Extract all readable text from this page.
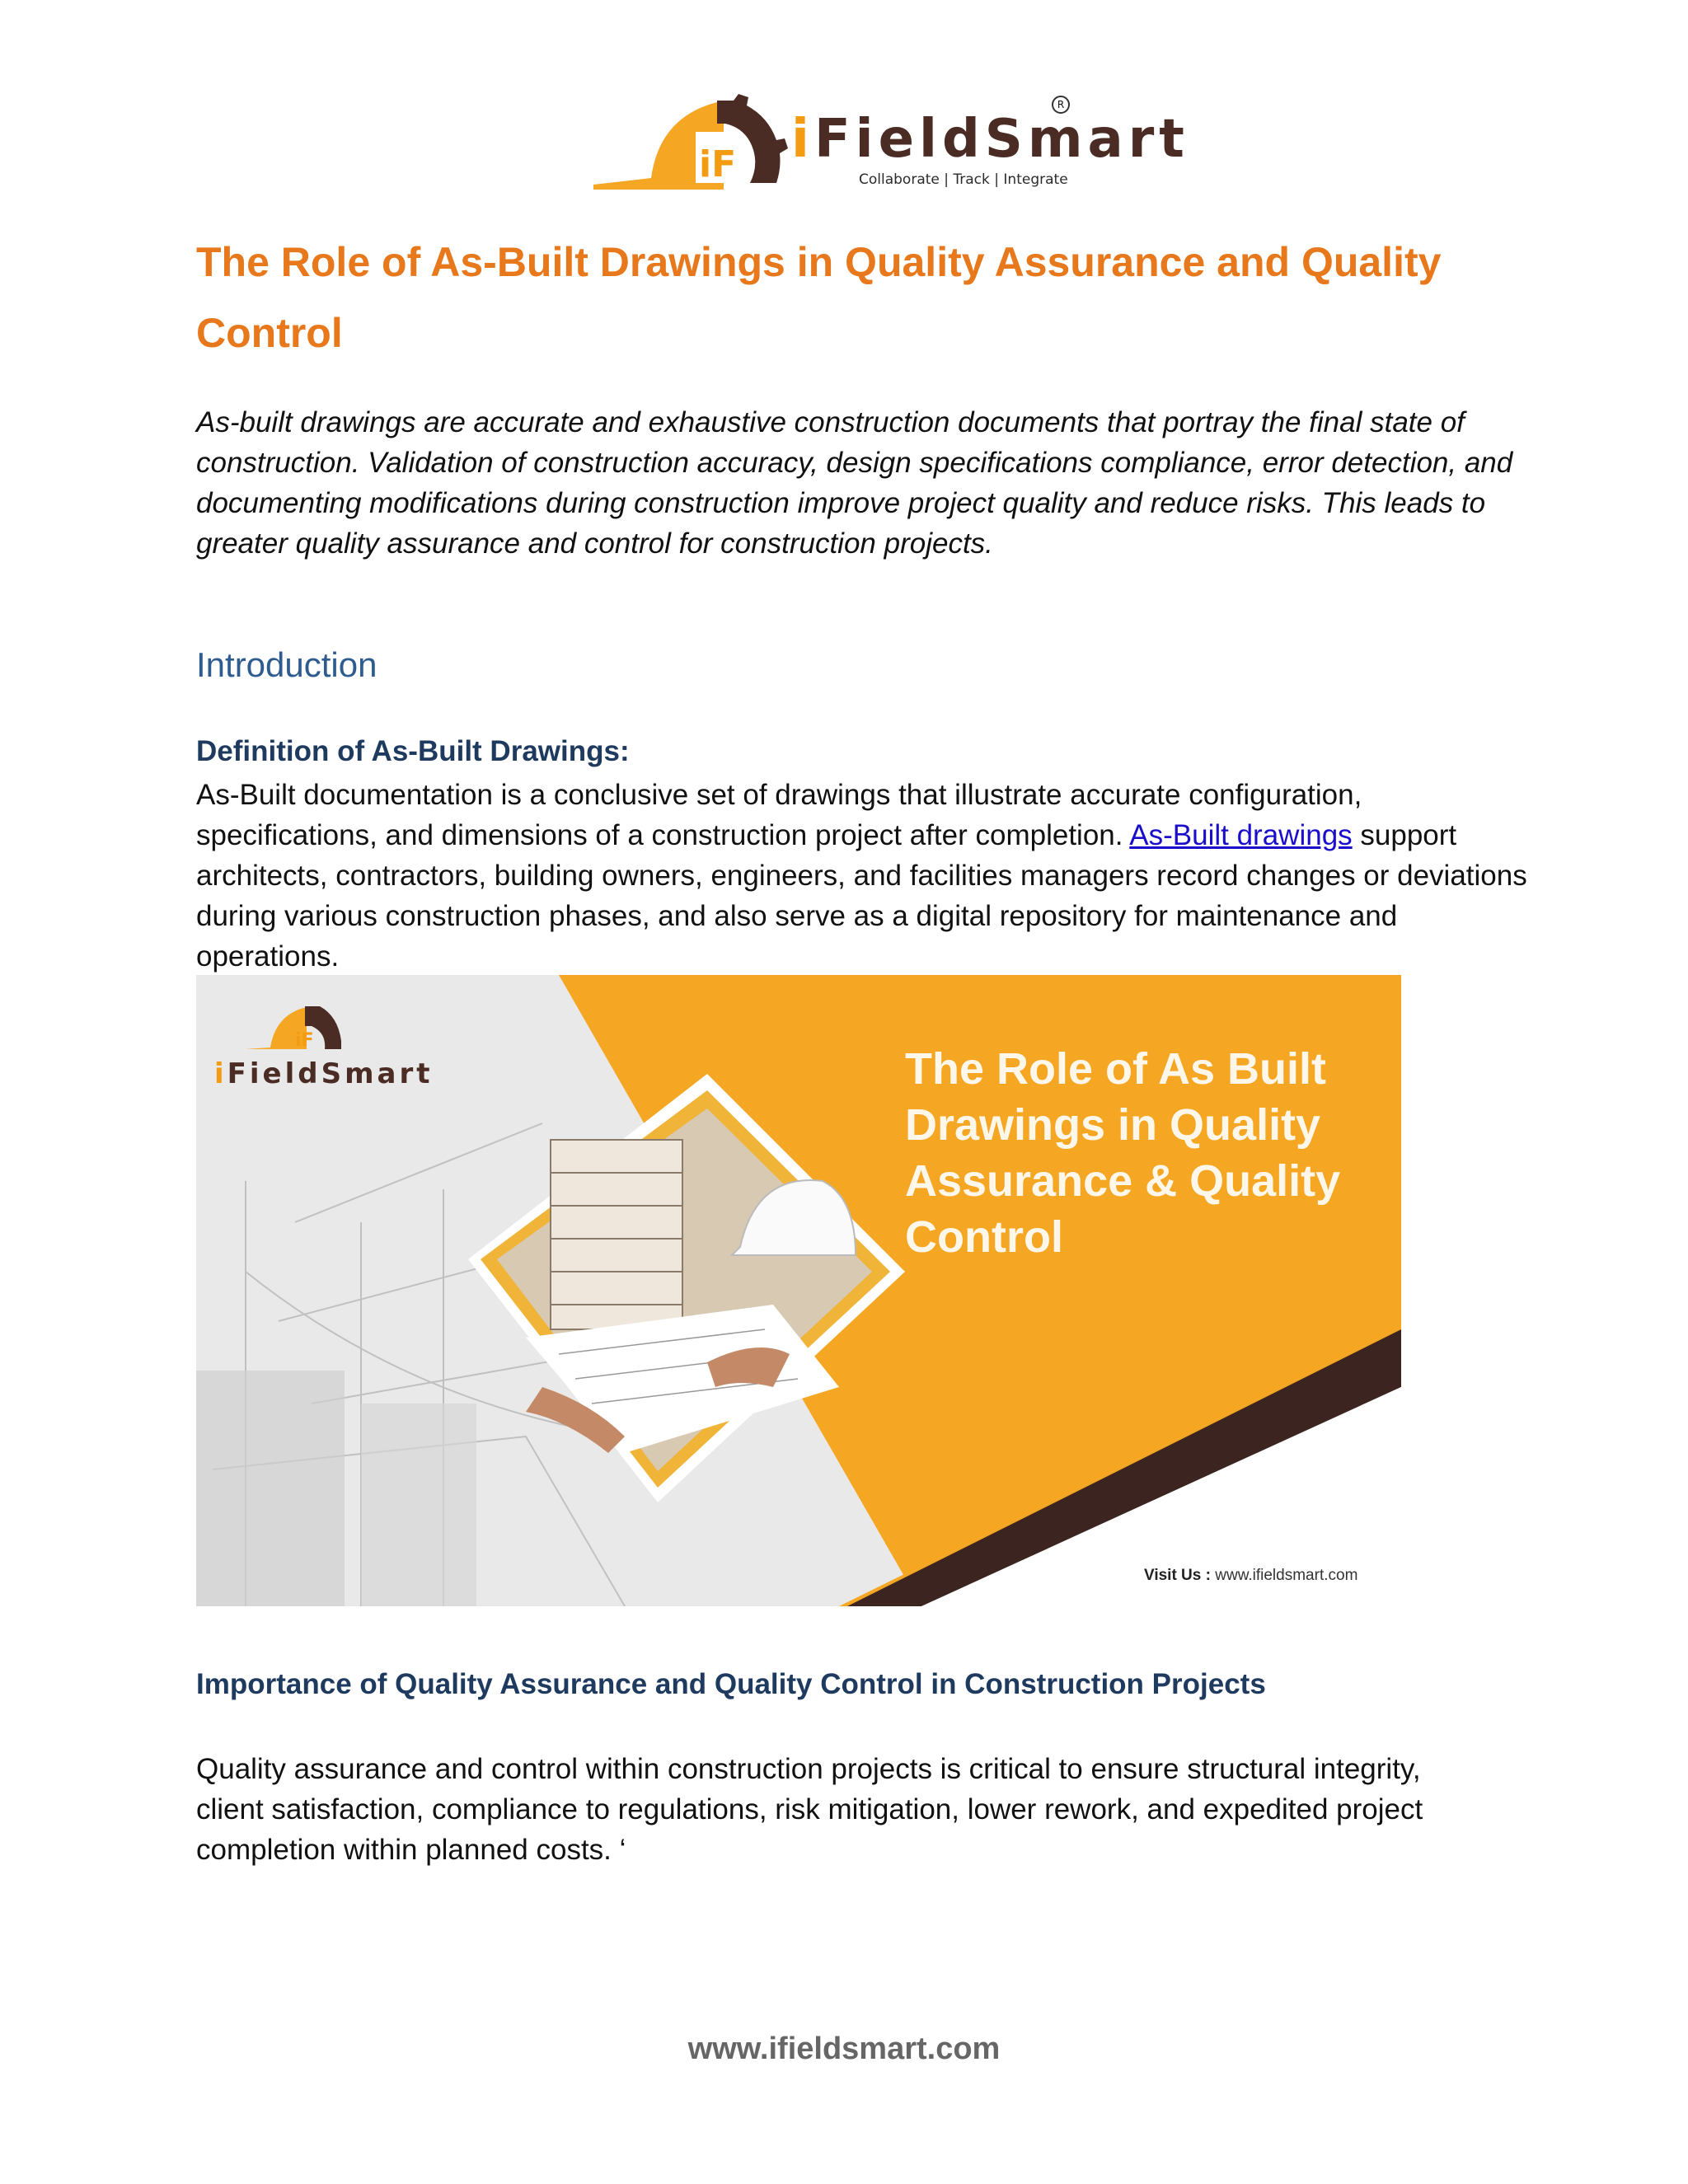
iF iFieldSmart
R
Collaborate | Track | Integrate
The Role of As-Built Drawings in Quality Assurance and Quality Control

As-built drawings are accurate and exhaustive construction documents that portray the final state of construction. Validation of construction accuracy, design specifications compliance, error detection, and documenting modifications during construction improve project quality and reduce risks. This leads to greater quality assurance and control for construction projects.

Introduction
Definition of As-Built Drawings:

As-Built documentation is a conclusive set of drawings that illustrate accurate configuration, specifications, and dimensions of a construction project after completion. As-Built drawings support architects, contractors, building owners, engineers, and facilities managers record changes or deviations during various construction phases, and also serve as a digital repository for maintenance and operations.

iF
iFieldSmart	The Role of As Built Drawings in Quality Assurance & Quality Control
Visit Us : www.ifieldsmart.com
Importance of Quality Assurance and Quality Control in Construction Projects

Quality assurance and control within construction projects is critical to ensure structural integrity, client satisfaction, compliance to regulations, risk mitigation, lower rework, and expedited project completion within planned costs. ‘

www.ifieldsmart.com
